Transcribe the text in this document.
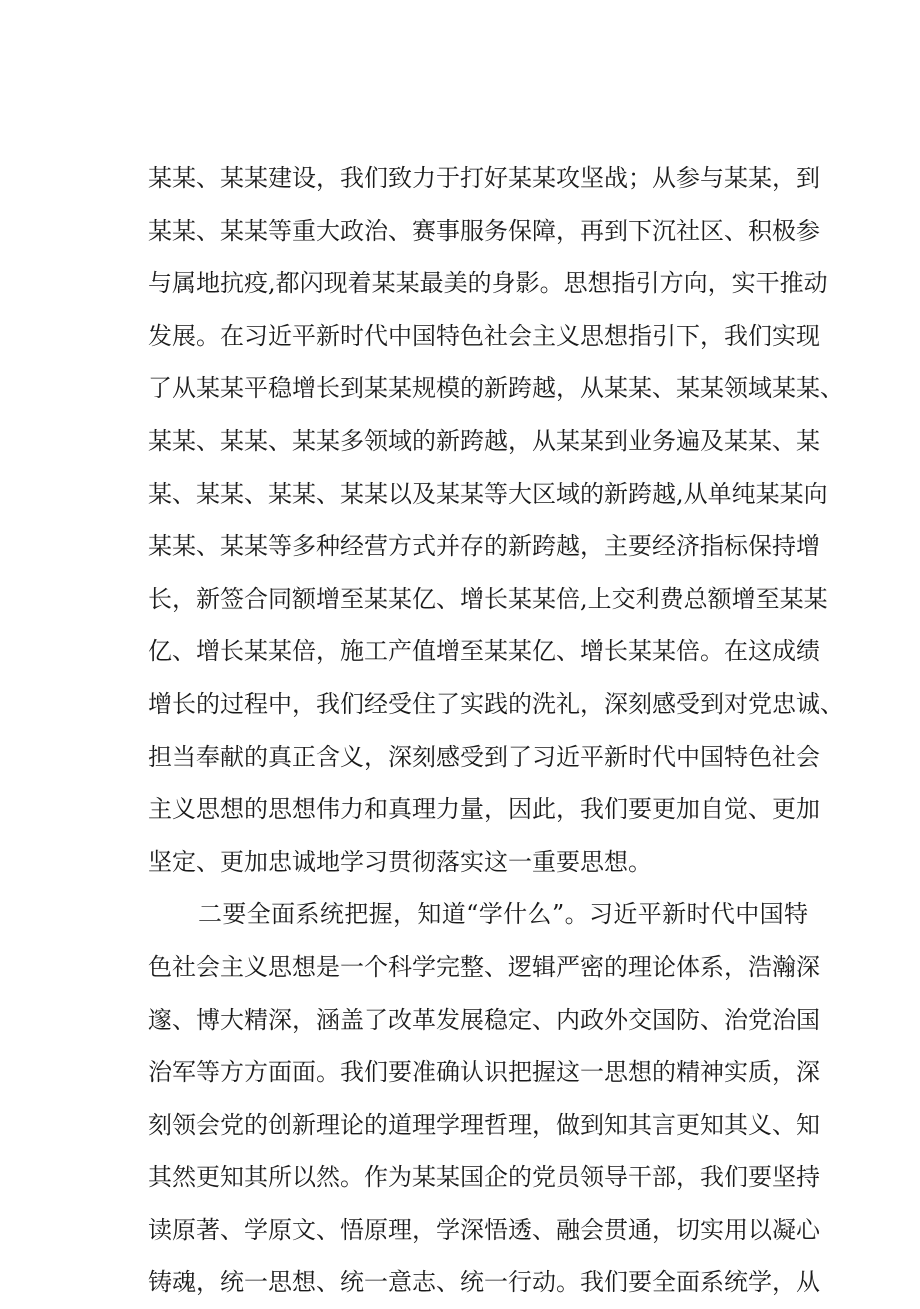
某某、某某建设，我们致力于打好某某攻坚战；从参与某某，到
某某、某某等重大政治、赛事服务保障，再到下沉社区、积极参
与属地抗疫,都闪现着某某最美的身影。思想指引方向，实干推动
发展。在习近平新时代中国特色社会主义思想指引下，我们实现
了从某某平稳增长到某某规模的新跨越，从某某、某某领域某某、
某某、某某、某某多领域的新跨越，从某某到业务遍及某某、某
某、某某、某某、某某以及某某等大区域的新跨越,从单纯某某向
某某、某某等多种经营方式并存的新跨越，主要经济指标保持增
长，新签合同额增至某某亿、增长某某倍,上交利费总额增至某某
亿、增长某某倍，施工产值增至某某亿、增长某某倍。在这成绩
增长的过程中，我们经受住了实践的洗礼，深刻感受到对党忠诚、
担当奉献的真正含义，深刻感受到了习近平新时代中国特色社会
主义思想的思想伟力和真理力量，因此，我们要更加自觉、更加
坚定、更加忠诚地学习贯彻落实这一重要思想。
二要全面系统把握，知道“学什么”。习近平新时代中国特
色社会主义思想是一个科学完整、逻辑严密的理论体系，浩瀚深
邃、博大精深，涵盖了改革发展稳定、内政外交国防、治党治国
治军等方方面面。我们要准确认识把握这一思想的精神实质，深
刻领会党的创新理论的道理学理哲理，做到知其言更知其义、知
其然更知其所以然。作为某某国企的党员领导干部，我们要坚持
读原著、学原文、悟原理，学深悟透、融会贯通，切实用以凝心
铸魂，统一思想、统一意志、统一行动。我们要全面系统学，从
